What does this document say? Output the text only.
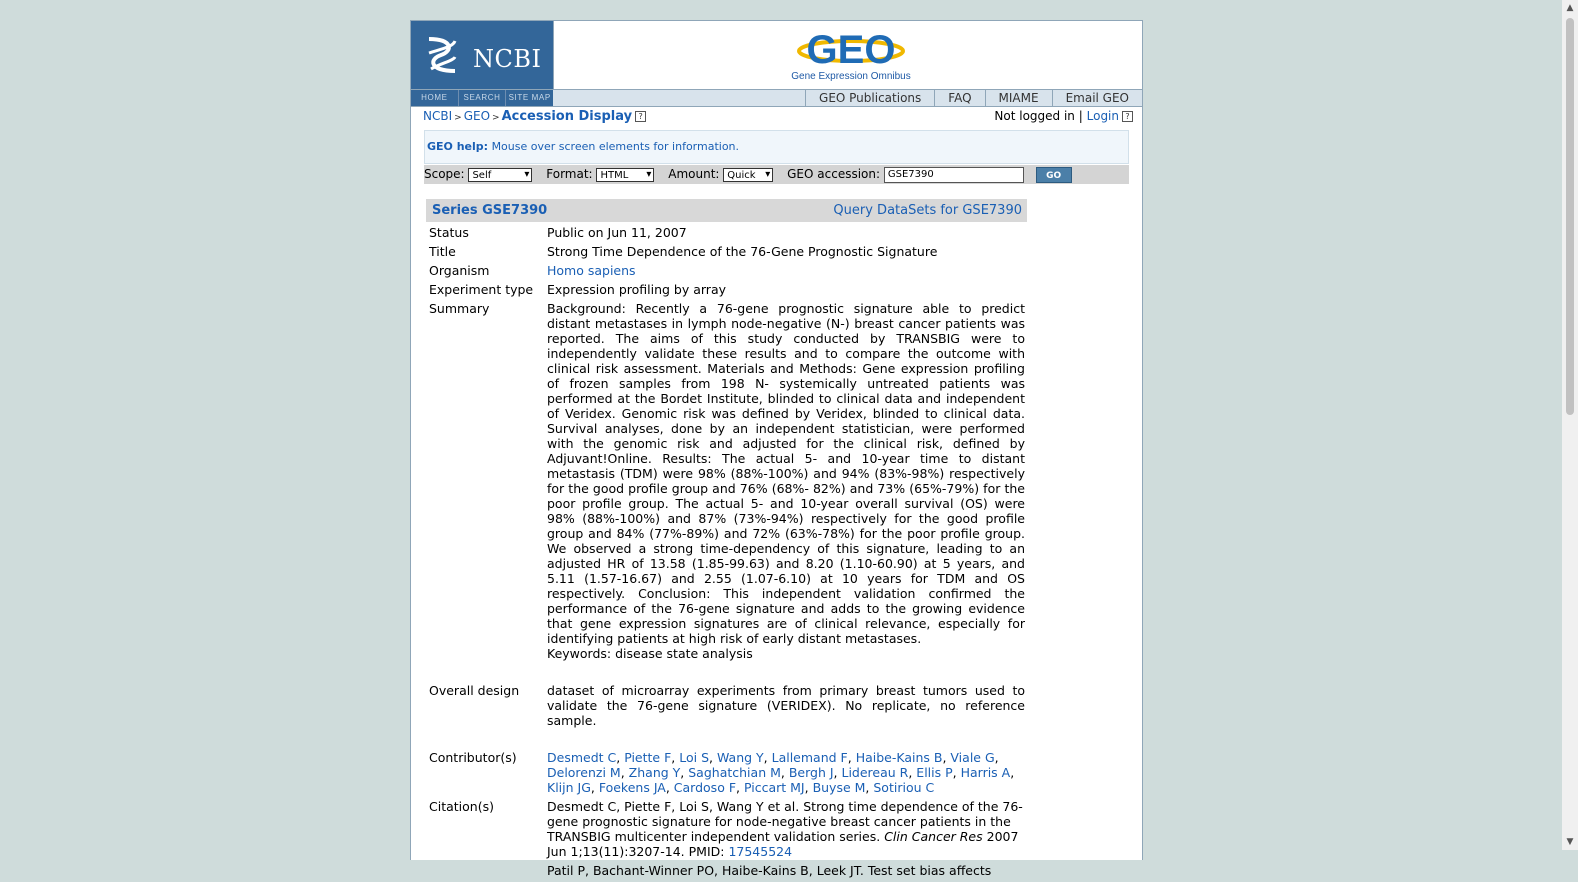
NCBI	GEO
Gene Expression Omnibus
HOME	SEARCH	SITE MAP	GEO Publications	FAQ	MIAME	Email GEO
NCBI > GEO > Accession Display ?	Not logged in | Login ?
GEO help: Mouse over screen elements for information.
Scope: Self ▾	Format: HTML ▾	Amount: Quick ▾	GEO accession: GSE7390	GO
Series GSE7390	Query DataSets for GSE7390
Status	Public on Jun 11, 2007
Title	Strong Time Dependence of the 76-Gene Prognostic Signature
Organism	Homo sapiens
Experiment type	Expression profiling by array
Summary	Background: Recently a 76-gene prognostic signature able to predict distant metastases in lymph node-negative (N-) breast cancer patients was reported. The aims of this study conducted by TRANSBIG were to independently validate these results and to compare the outcome with clinical risk assessment. Materials and Methods: Gene expression profiling of frozen samples from 198 N- systemically untreated patients was performed at the Bordet Institute, blinded to clinical data and independent of Veridex. Genomic risk was defined by Veridex, blinded to clinical data. Survival analyses, done by an independent statistician, were performed with the genomic risk and adjusted for the clinical risk, defined by Adjuvant!Online. Results: The actual 5- and 10-year time to distant metastasis (TDM) were 98% (88%-100%) and 94% (83%-98%) respectively for the good profile group and 76% (68%- 82%) and 73% (65%-79%) for the poor profile group. The actual 5- and 10-year overall survival (OS) were 98% (88%-100%) and 87% (73%-94%) respectively for the good profile group and 84% (77%-89%) and 72% (63%-78%) for the poor profile group. We observed a strong time-dependency of this signature, leading to an adjusted HR of 13.58 (1.85-99.63) and 8.20 (1.10-60.90) at 5 years, and 5.11 (1.57-16.67) and 2.55 (1.07-6.10) at 10 years for TDM and OS respectively. Conclusion: This independent validation confirmed the performance of the 76-gene signature and adds to the growing evidence that gene expression signatures are of clinical relevance, especially for identifying patients at high risk of early distant metastases.
Keywords: disease state analysis
Overall design	dataset of microarray experiments from primary breast tumors used to validate the 76-gene signature (VERIDEX). No replicate, no reference sample.
Contributor(s)	Desmedt C, Piette F, Loi S, Wang Y, Lallemand F, Haibe-Kains B, Viale G, Delorenzi M, Zhang Y, Saghatchian M, Bergh J, Lidereau R, Ellis P, Harris A, Klijn JG, Foekens JA, Cardoso F, Piccart MJ, Buyse M, Sotiriou C
Citation(s)	Desmedt C, Piette F, Loi S, Wang Y et al. Strong time dependence of the 76-gene prognostic signature for node-negative breast cancer patients in the TRANSBIG multicenter independent validation series. Clin Cancer Res 2007 Jun 1;13(11):3207-14. PMID: 17545524
Patil P, Bachant-Winner PO, Haibe-Kains B, Leek JT. Test set bias affects
▲
▼
